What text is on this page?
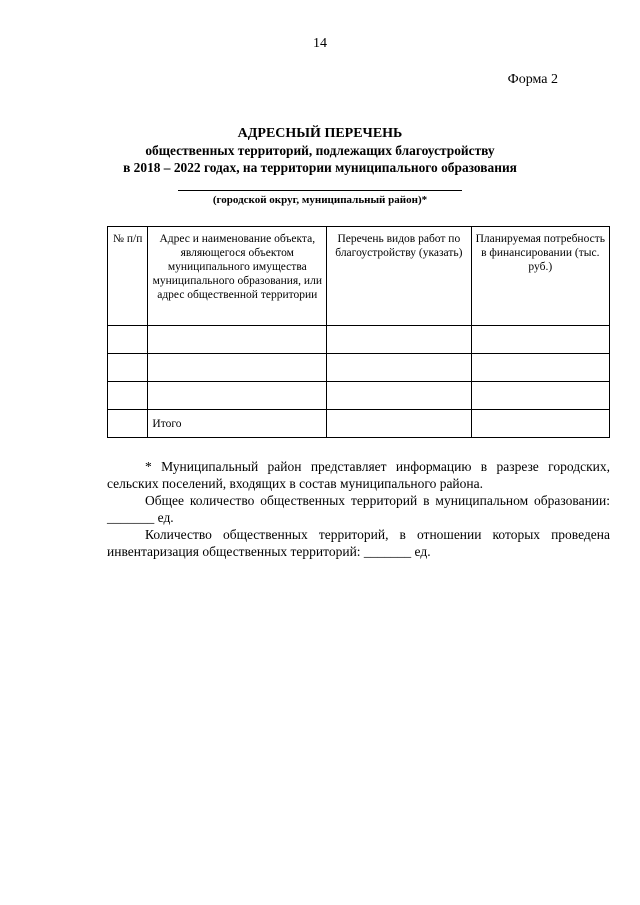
14
Форма 2
АДРЕСНЫЙ ПЕРЕЧЕНЬ
общественных территорий, подлежащих благоустройству
в 2018 – 2022 годах, на территории муниципального образования
(городской округ, муниципальный район)*
№ п/п	Адрес и наименование объекта, являющегося объектом муниципального имущества муниципального образования, или адрес общественной территории	Перечень видов работ по благоустройству (указать)	Планируемая потребность в финансировании (тыс. руб.)

	Итого		

* Муниципальный район представляет информацию в разрезе городских, сельских поселений, входящих в состав муниципального района.

Общее количество общественных территорий в муниципальном образовании: _______ ед.

Количество общественных территорий, в отношении которых проведена инвентаризация общественных территорий: _______ ед.
